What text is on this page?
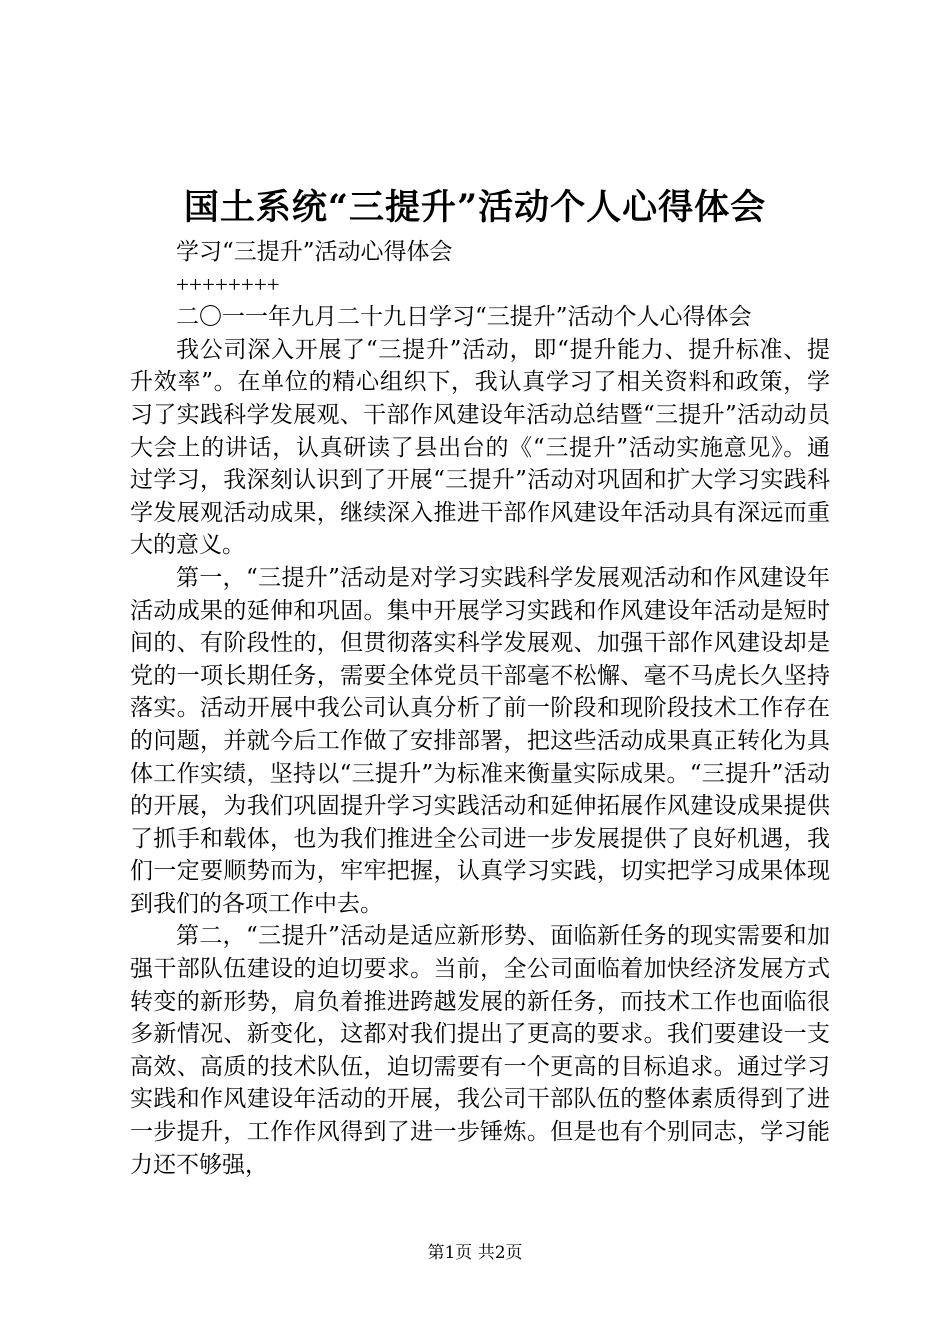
国土系统“三提升”活动个人心得体会

学习“三提升”活动心得体会

++++++++

二〇一一年九月二十九日学习“三提升”活动个人心得体会

我公司深入开展了“三提升”活动，即“提升能力、提升标准、提升效率”。在单位的精心组织下，我认真学习了相关资料和政策，学习了实践科学发展观、干部作风建设年活动总结暨“三提升”活动动员大会上的讲话，认真研读了县出台的《“三提升”活动实施意见》。通过学习，我深刻认识到了开展“三提升”活动对巩固和扩大学习实践科学发展观活动成果，继续深入推进干部作风建设年活动具有深远而重大的意义。

第一，“三提升”活动是对学习实践科学发展观活动和作风建设年活动成果的延伸和巩固。集中开展学习实践和作风建设年活动是短时间的、有阶段性的，但贯彻落实科学发展观、加强干部作风建设却是党的一项长期任务，需要全体党员干部毫不松懈、毫不马虎长久坚持落实。活动开展中我公司认真分析了前一阶段和现阶段技术工作存在的问题，并就今后工作做了安排部署，把这些活动成果真正转化为具体工作实绩，坚持以“三提升”为标准来衡量实际成果。“三提升”活动的开展，为我们巩固提升学习实践活动和延伸拓展作风建设成果提供了抓手和载体，也为我们推进全公司进一步发展提供了良好机遇，我们一定要顺势而为，牢牢把握，认真学习实践，切实把学习成果体现到我们的各项工作中去。

第二，“三提升”活动是适应新形势、面临新任务的现实需要和加强干部队伍建设的迫切要求。当前，全公司面临着加快经济发展方式转变的新形势，肩负着推进跨越发展的新任务，而技术工作也面临很多新情况、新变化，这都对我们提出了更高的要求。我们要建设一支高效、高质的技术队伍，迫切需要有一个更高的目标追求。通过学习实践和作风建设年活动的开展，我公司干部队伍的整体素质得到了进一步提升，工作作风得到了进一步锤炼。但是也有个别同志，学习能力还不够强，

第1页 共2页
